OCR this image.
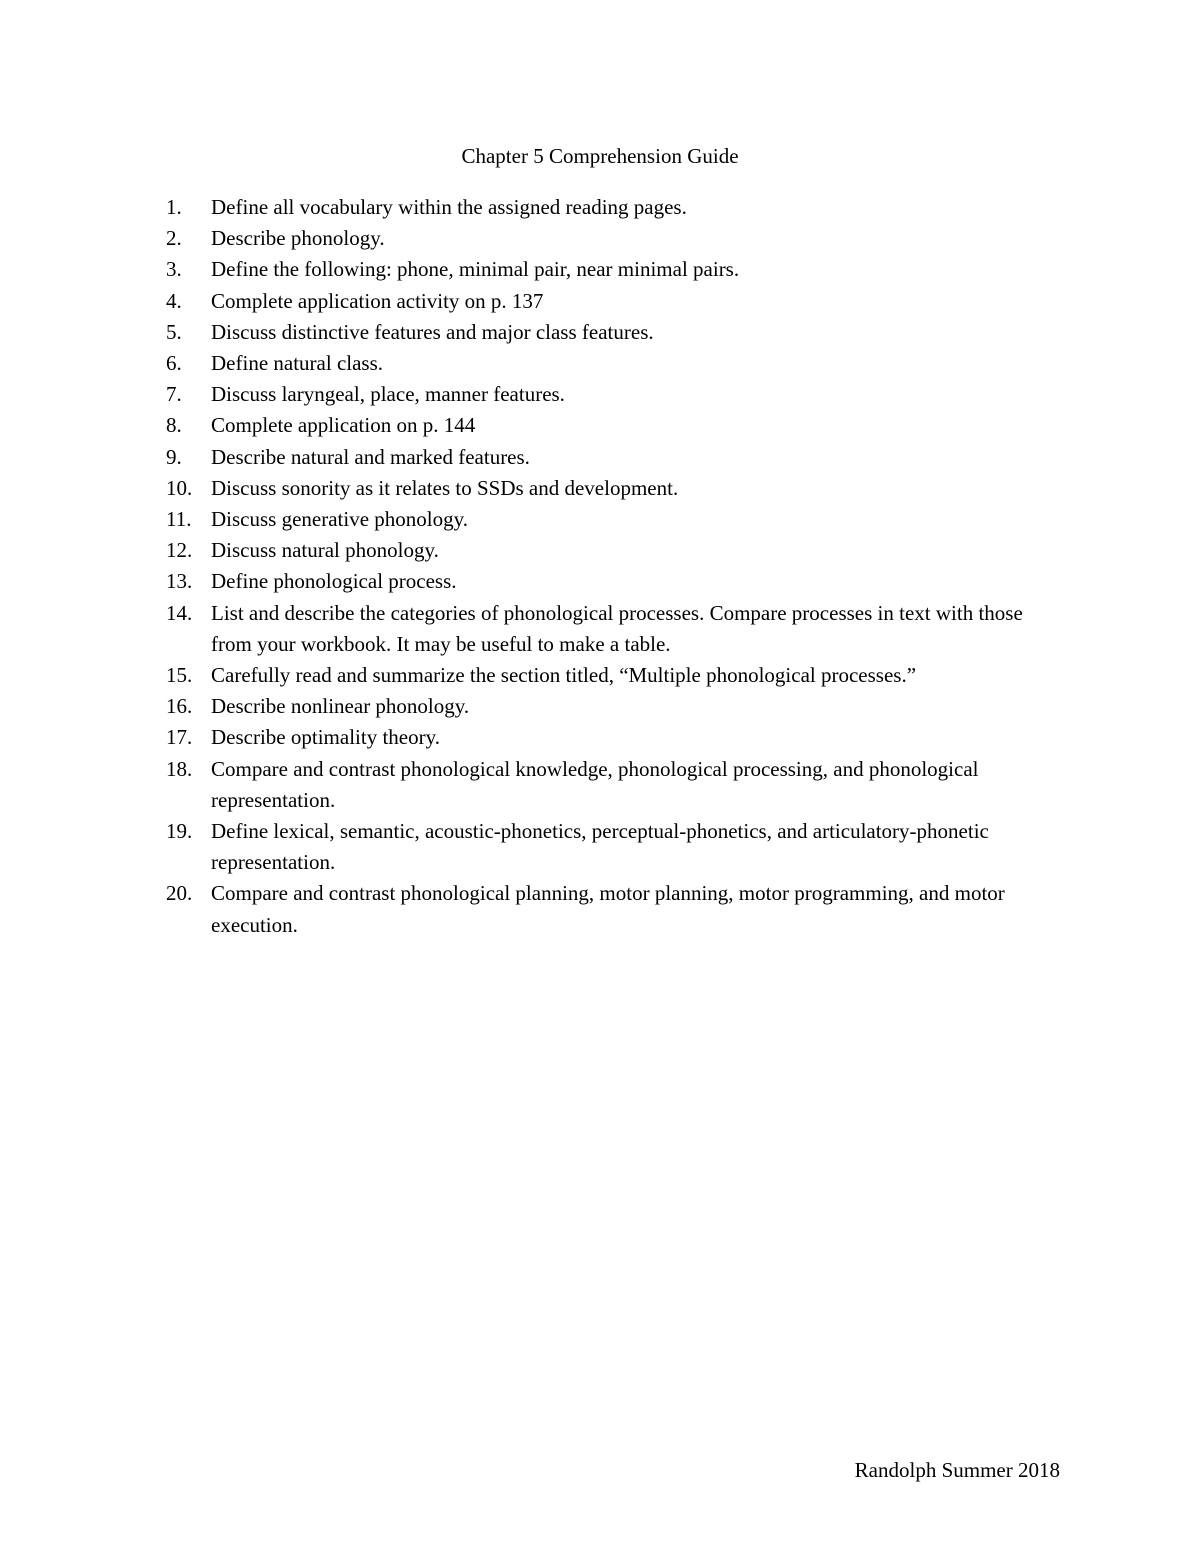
Chapter 5 Comprehension Guide
1.	Define all vocabulary within the assigned reading pages.
2.	Describe phonology.
3.	Define the following: phone, minimal pair, near minimal pairs.
4.	Complete application activity on p. 137
5.	Discuss distinctive features and major class features.
6.	Define natural class.
7.	Discuss laryngeal, place, manner features.
8.	Complete application on p. 144
9.	Describe natural and marked features.
10. Discuss sonority as it relates to SSDs and development.
11. Discuss generative phonology.
12. Discuss natural phonology.
13. Define phonological process.
14. List and describe the categories of phonological processes. Compare processes in text with those from your workbook. It may be useful to make a table.
15. Carefully read and summarize the section titled, “Multiple phonological processes.”
16. Describe nonlinear phonology.
17. Describe optimality theory.
18. Compare and contrast phonological knowledge, phonological processing, and phonological representation.
19. Define lexical, semantic, acoustic-phonetics, perceptual-phonetics, and articulatory-phonetic representation.
20. Compare and contrast phonological planning, motor planning, motor programming, and motor execution.
Randolph Summer 2018
